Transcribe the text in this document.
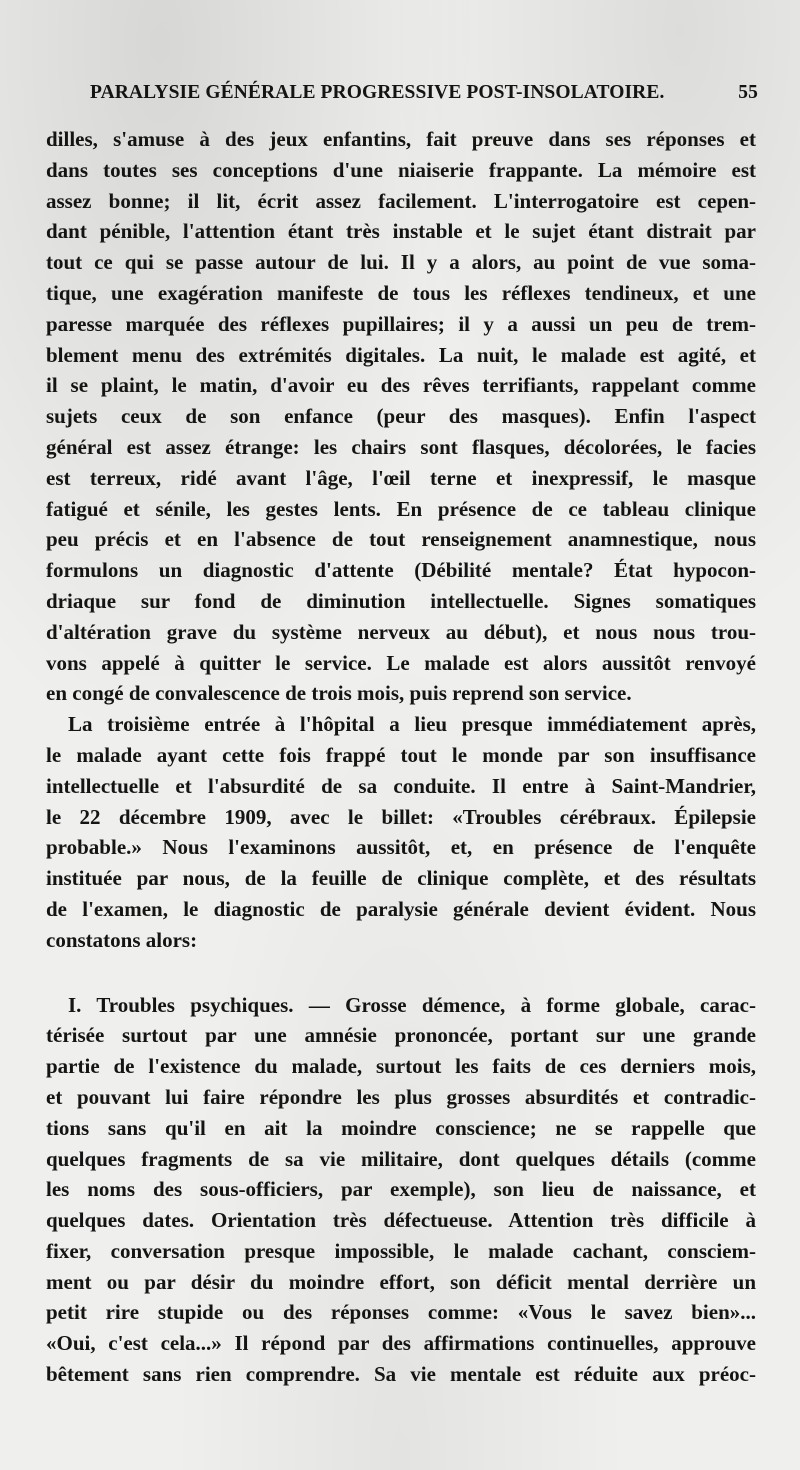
PARALYSIE GÉNÉRALE PROGRESSIVE POST-INSOLATOIRE.	55
dilles, s'amuse à des jeux enfantins, fait preuve dans ses réponses et
dans toutes ses conceptions d'une niaiserie frappante. La mémoire est
assez bonne; il lit, écrit assez facilement. L'interrogatoire est cepen-
dant pénible, l'attention étant très instable et le sujet étant distrait par
tout ce qui se passe autour de lui. Il y a alors, au point de vue soma-
tique, une exagération manifeste de tous les réflexes tendineux, et une
paresse marquée des réflexes pupillaires; il y a aussi un peu de trem-
blement menu des extrémités digitales. La nuit, le malade est agité, et
il se plaint, le matin, d'avoir eu des rêves terrifiants, rappelant comme
sujets ceux de son enfance (peur des masques). Enfin l'aspect
général est assez étrange: les chairs sont flasques, décolorées, le facies
est terreux, ridé avant l'âge, l'œil terne et inexpressif, le masque
fatigué et sénile, les gestes lents. En présence de ce tableau clinique
peu précis et en l'absence de tout renseignement anamnestique, nous
formulons un diagnostic d'attente (Débilité mentale? État hypocon-
driaque sur fond de diminution intellectuelle. Signes somatiques
d'altération grave du système nerveux au début), et nous nous trou-
vons appelé à quitter le service. Le malade est alors aussitôt renvoyé
en congé de convalescence de trois mois, puis reprend son service.
La troisième entrée à l'hôpital a lieu presque immédiatement après,
le malade ayant cette fois frappé tout le monde par son insuffisance
intellectuelle et l'absurdité de sa conduite. Il entre à Saint-Mandrier,
le 22 décembre 1909, avec le billet: «Troubles cérébraux. Épilepsie
probable.» Nous l'examinons aussitôt, et, en présence de l'enquête
instituée par nous, de la feuille de clinique complète, et des résultats
de l'examen, le diagnostic de paralysie générale devient évident. Nous
constatons alors:
I. Troubles psychiques. — Grosse démence, à forme globale, carac-
térisée surtout par une amnésie prononcée, portant sur une grande
partie de l'existence du malade, surtout les faits de ces derniers mois,
et pouvant lui faire répondre les plus grosses absurdités et contradic-
tions sans qu'il en ait la moindre conscience; ne se rappelle que
quelques fragments de sa vie militaire, dont quelques détails (comme
les noms des sous-officiers, par exemple), son lieu de naissance, et
quelques dates. Orientation très défectueuse. Attention très difficile à
fixer, conversation presque impossible, le malade cachant, consciem-
ment ou par désir du moindre effort, son déficit mental derrière un
petit rire stupide ou des réponses comme: «Vous le savez bien»...
«Oui, c'est cela...» Il répond par des affirmations continuelles, approuve
bêtement sans rien comprendre. Sa vie mentale est réduite aux préoc-
